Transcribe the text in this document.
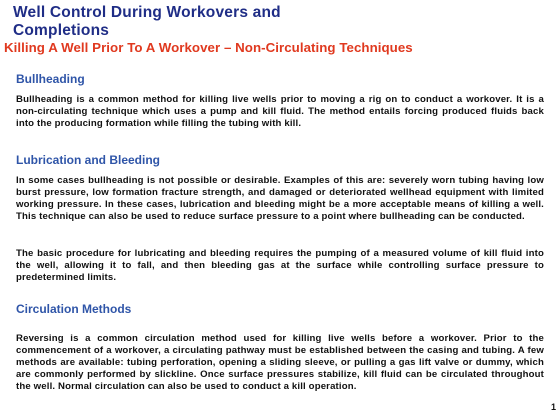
Well Control During Workovers and Completions
Killing A Well Prior To A Workover – Non-Circulating Techniques
Bullheading
Bullheading is a common method for killing live wells prior to moving a rig on to conduct a workover. It is a non-circulating technique which uses a pump and kill fluid. The method entails forcing produced fluids back into the producing formation while filling the tubing with kill.
Lubrication and Bleeding
In some cases bullheading is not possible or desirable. Examples of this are: severely worn tubing having low burst pressure, low formation fracture strength, and damaged or deteriorated wellhead equipment with limited working pressure. In these cases, lubrication and bleeding might be a more acceptable means of killing a well. This technique can also be used to reduce surface pressure to a point where bullheading can be conducted.
The basic procedure for lubricating and bleeding requires the pumping of a measured volume of kill fluid into the well, allowing it to fall, and then bleeding gas at the surface while controlling surface pressure to predetermined limits.
Circulation Methods
Reversing is a common circulation method used for killing live wells before a workover. Prior to the commencement of a workover, a circulating pathway must be established between the casing and tubing. A few methods are available: tubing perforation, opening a sliding sleeve, or pulling a gas lift valve or dummy, which are commonly performed by slickline. Once surface pressures stabilize, kill fluid can be circulated throughout the well. Normal circulation can also be used to conduct a kill operation.
1
